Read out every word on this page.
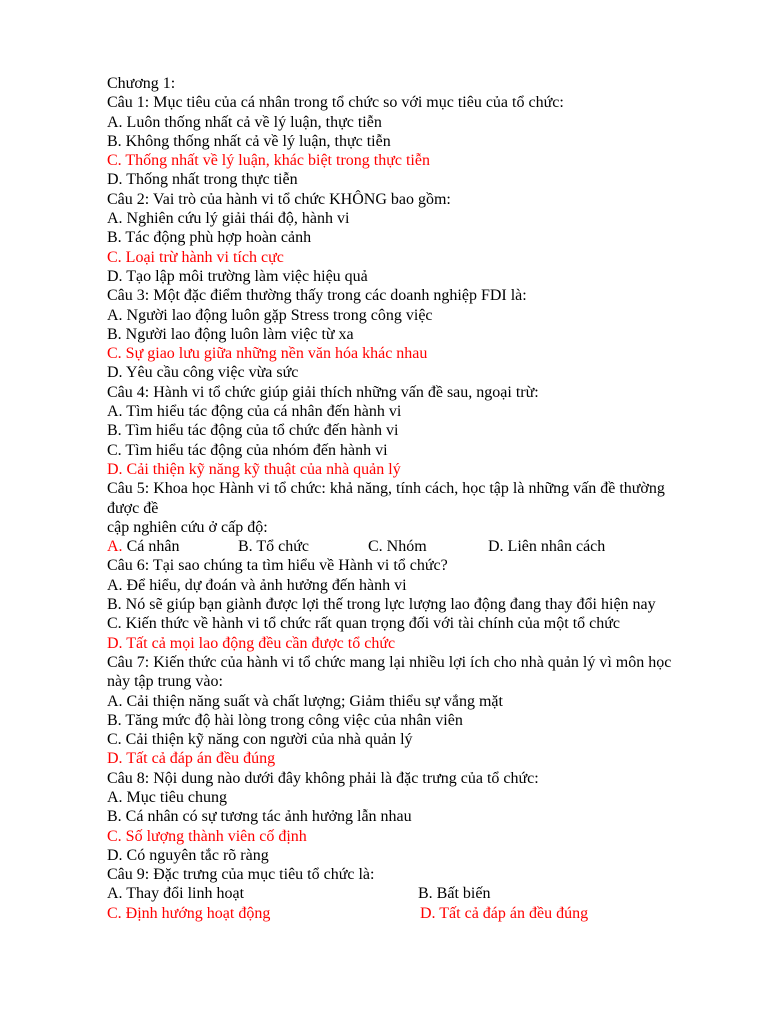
Chương 1:
Câu 1: Mục tiêu của cá nhân trong tổ chức so với mục tiêu của tổ chức:
A. Luôn thống nhất cả về lý luận, thực tiễn
B. Không thống nhất cả về lý luận, thực tiễn
C. Thống nhất về lý luận, khác biệt trong thực tiễn
D. Thống nhất trong thực tiễn
Câu 2: Vai trò của hành vi tổ chức KHÔNG bao gồm:
A. Nghiên cứu lý giải thái độ, hành vi
B. Tác động phù hợp hoàn cảnh
C. Loại trừ hành vi tích cực
D. Tạo lập môi trường làm việc hiệu quả
Câu 3: Một đặc điểm thường thấy trong các doanh nghiệp FDI là:
A. Người lao động luôn gặp Stress trong công việc
B. Người lao động luôn làm việc từ xa
C. Sự giao lưu giữa những nền văn hóa khác nhau
D. Yêu cầu công việc vừa sức
Câu 4: Hành vi tổ chức giúp giải thích những vấn đề sau, ngoại trừ:
A. Tìm hiểu tác động của cá nhân đến hành vi
B. Tìm hiểu tác động của tổ chức đến hành vi
C. Tìm hiểu tác động của nhóm đến hành vi
D. Cải thiện kỹ năng kỹ thuật của nhà quản lý
Câu 5: Khoa học Hành vi tổ chức: khả năng, tính cách, học tập là những vấn đề thường được đề
cập nghiên cứu ở cấp độ:
A. Cá nhân	B. Tổ chức	C. Nhóm	D. Liên nhân cách
Câu 6: Tại sao chúng ta tìm hiểu về Hành vi tổ chức?
A. Để hiểu, dự đoán và ảnh hưởng đến hành vi
B. Nó sẽ giúp bạn giành được lợi thế trong lực lượng lao động đang thay đổi hiện nay
C. Kiến thức về hành vi tổ chức rất quan trọng đối với tài chính của một tổ chức
D. Tất cả mọi lao động đều cần được tổ chức
Câu 7: Kiến thức của hành vi tổ chức mang lại nhiều lợi ích cho nhà quản lý vì môn học này tập trung vào:
A. Cải thiện năng suất và chất lượng; Giảm thiểu sự vắng mặt
B. Tăng mức độ hài lòng trong công việc của nhân viên
C. Cải thiện kỹ năng con người của nhà quản lý
D. Tất cả đáp án đều đúng
Câu 8: Nội dung nào dưới đây không phải là đặc trưng của tổ chức:
A. Mục tiêu chung
B. Cá nhân có sự tương tác ảnh hưởng lẫn nhau
C. Số lượng thành viên cố định
D. Có nguyên tắc rõ ràng
Câu 9: Đặc trưng của mục tiêu tổ chức là:
A. Thay đổi linh hoạt	B. Bất biến
C. Định hướng hoạt động	D. Tất cả đáp án đều đúng
